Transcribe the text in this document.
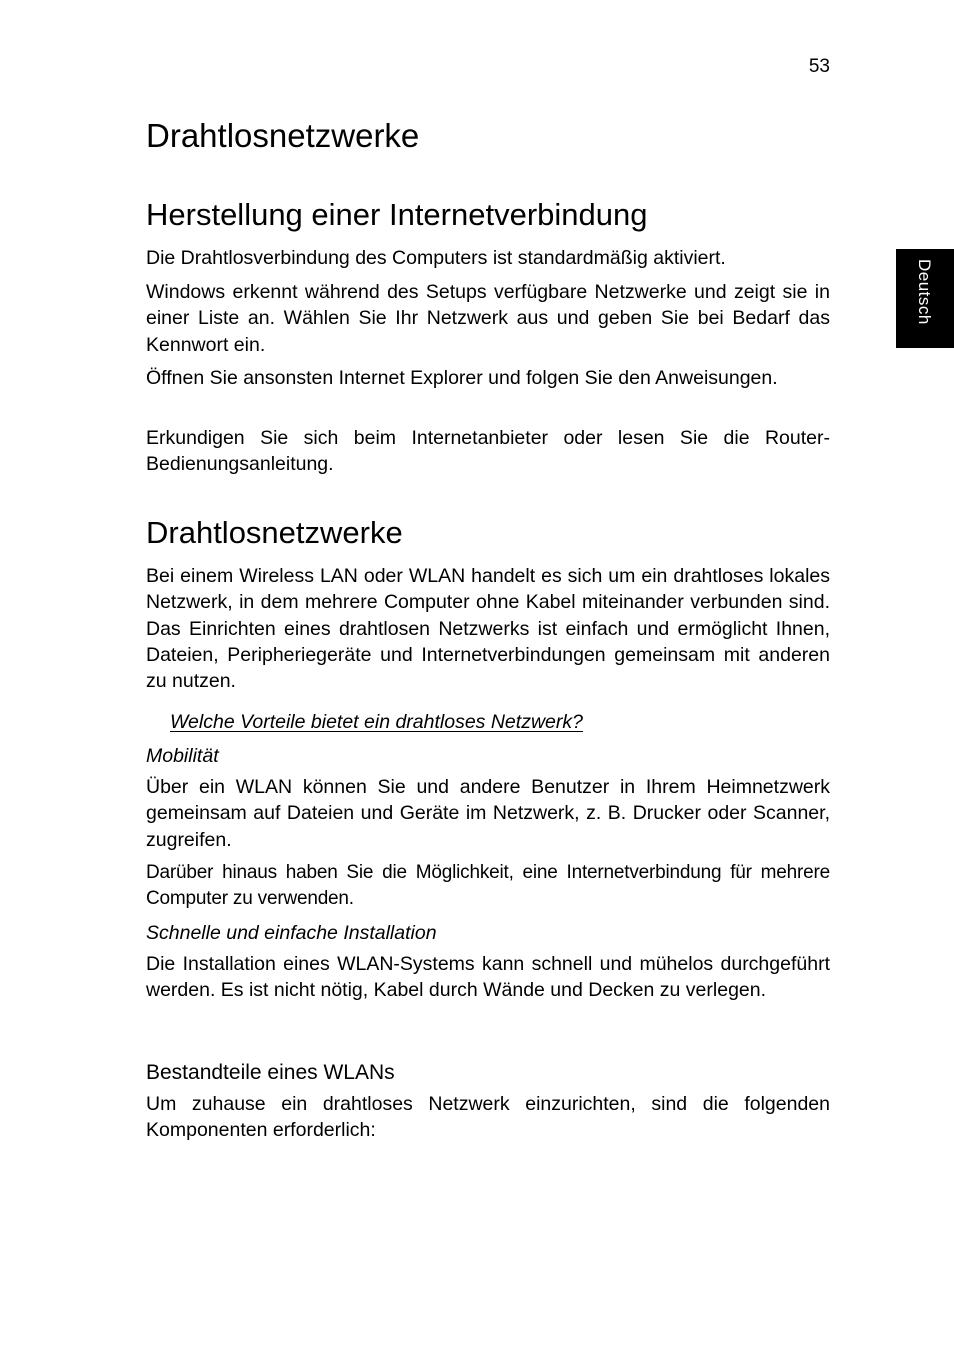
53
Deutsch
Drahtlosnetzwerke
Herstellung einer Internetverbindung

Die Drahtlosverbindung des Computers ist standardmäßig aktiviert.

Windows erkennt während des Setups verfügbare Netzwerke und zeigt sie in einer Liste an. Wählen Sie Ihr Netzwerk aus und geben Sie bei Bedarf das Kennwort ein.

Öffnen Sie ansonsten Internet Explorer und folgen Sie den Anweisungen.

Erkundigen Sie sich beim Internetanbieter oder lesen Sie die Router-Bedienungsanleitung.

Drahtlosnetzwerke

Bei einem Wireless LAN oder WLAN handelt es sich um ein drahtloses lokales Netzwerk, in dem mehrere Computer ohne Kabel miteinander verbunden sind. Das Einrichten eines drahtlosen Netzwerks ist einfach und ermöglicht Ihnen, Dateien, Peripheriegeräte und Internetverbindungen gemeinsam mit anderen zu nutzen.

Welche Vorteile bietet ein drahtloses Netzwerk?

Mobilität

Über ein WLAN können Sie und andere Benutzer in Ihrem Heimnetzwerk gemeinsam auf Dateien und Geräte im Netzwerk, z. B. Drucker oder Scanner, zugreifen.

Darüber hinaus haben Sie die Möglichkeit, eine Internetverbindung für mehrere Computer zu verwenden.

Schnelle und einfache Installation

Die Installation eines WLAN-Systems kann schnell und mühelos durchgeführt werden. Es ist nicht nötig, Kabel durch Wände und Decken zu verlegen.

Bestandteile eines WLANs

Um zuhause ein drahtloses Netzwerk einzurichten, sind die folgenden Komponenten erforderlich:
